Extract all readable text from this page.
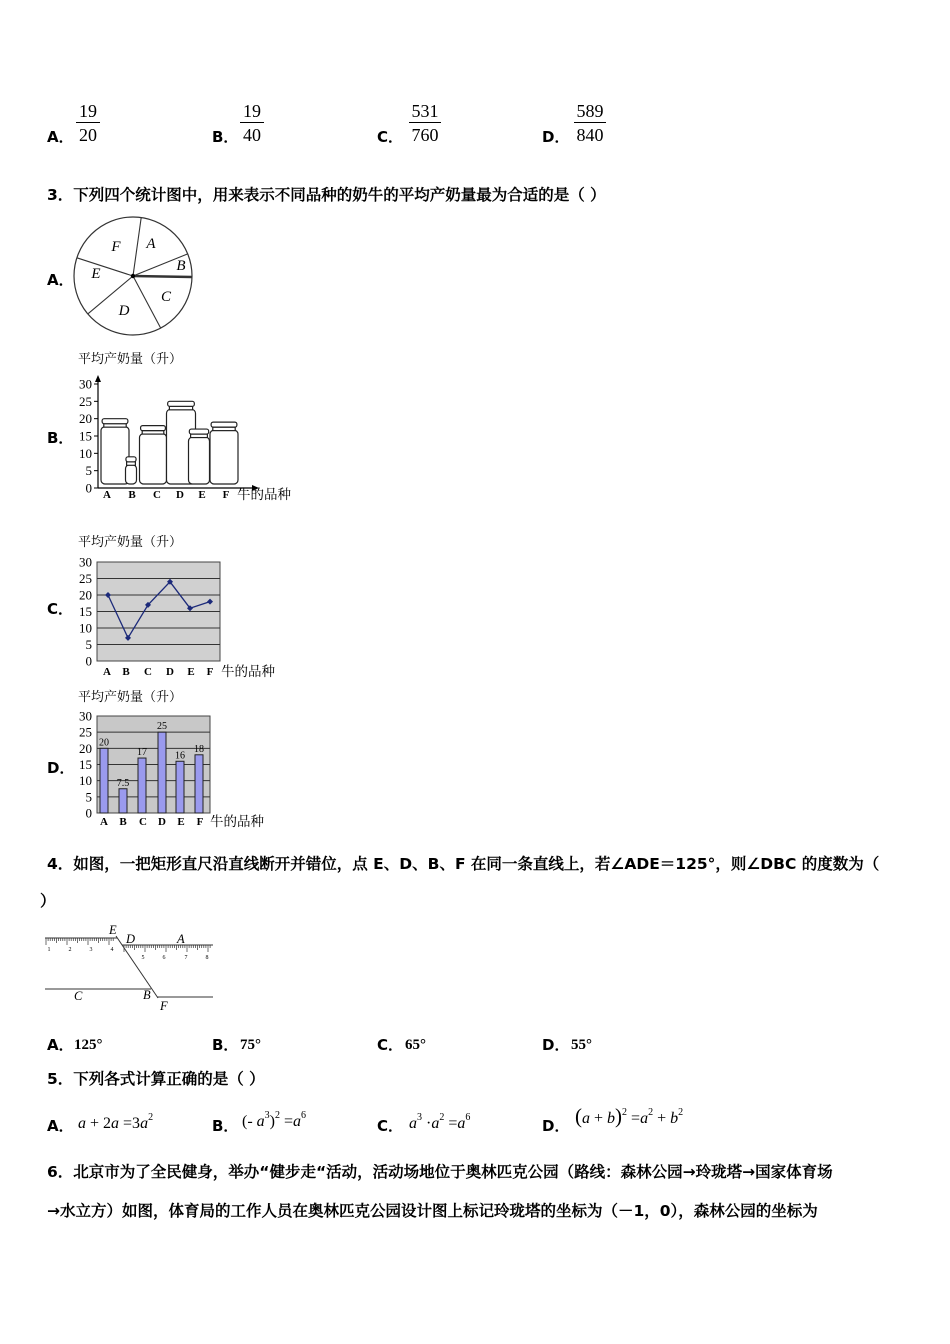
A．
19
20	B．
19
40	C．
531
760	D．
589
840
3．下列四个统计图中，用来表示不同品种的奶牛的平均产奶量最为合适的是（ ）
A．
F A
B
C
D
E
平均产奶量（升）
B．
0
5
10
15
20
25
30
A B C D E F 牛的品种
平均产奶量（升）
C．
0
5
10
15
20
25
30
A B C D E F 牛的品种
平均产奶量（升）
D．
0
5
10
15
20
25
30
20
7.5
17
25
16
18
A B C D E F 牛的品种
4．如图，一把矩形直尺沿直线断开并错位，点 E、D、B、F 在同一条直线上，若∠ADE＝125°，则∠DBC 的度数为（
）
1	2	3	4
5	6	7	8
E
D	A
C	B
F
A． 125°	B． 75°	C． 65°	D． 55°
5．下列各式计算正确的是（ ）
A． $a + 2a =3a^2$	B． (- $a^3)^2 =a^6$
C． $a^3 \cdot a^2 =a^6$	D． $(a + b)^2 =a^2 + b^2$
6．北京市为了全民健身，举办“健步走“活动，活动场地位于奥林匹克公园（路线：森林公园→玲珑塔→国家体育场
→水立方）如图，体育局的工作人员在奥林匹克公园设计图上标记玲珑塔的坐标为（－1，0），森林公园的坐标为
